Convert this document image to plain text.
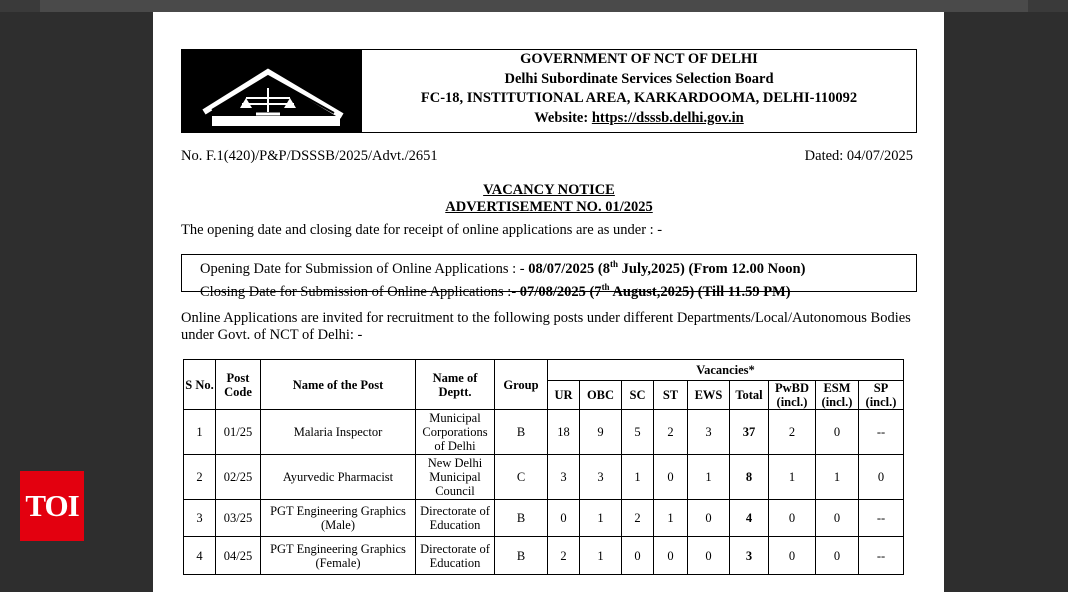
GOVERNMENT OF NCT OF DELHI
Delhi Subordinate Services Selection Board
FC-18, INSTITUTIONAL AREA, KARKARDOOMA, DELHI-110092
Website: https://dsssb.delhi.gov.in
No. F.1(420)/P&P/DSSSB/2025/Advt./2651	Dated: 04/07/2025
VACANCY NOTICE
ADVERTISEMENT NO. 01/2025
The opening date and closing date for receipt of online applications are as under : -
Opening Date for Submission of Online Applications : - 08/07/2025 (8th July,2025) (From 12.00 Noon)
Closing Date for Submission of Online Applications :- 07/08/2025 (7th August,2025) (Till 11.59 PM)
Online Applications are invited for recruitment to the following posts under different Departments/Local/Autonomous Bodies
under Govt. of NCT of Delhi: -
S No.	Post Code	Name of the Post	Name of Deptt.	Group	Vacancies*								
					UR	OBC	SC	ST	EWS	Total	PwBD (incl.)	ESM (incl.)	SP (incl.)
1	01/25	Malaria Inspector	Municipal Corporations of Delhi	B	18	9	5	2	3	37	2	0	--
2	02/25	Ayurvedic Pharmacist	New Delhi Municipal Council	C	3	3	1	0	1	8	1	1	0
3	03/25	PGT Engineering Graphics (Male)	Directorate of Education	B	0	1	2	1	0	4	0	0	--
4	04/25	PGT Engineering Graphics (Female)	Directorate of Education	B	2	1	0	0	0	3	0	0	--
TOI
